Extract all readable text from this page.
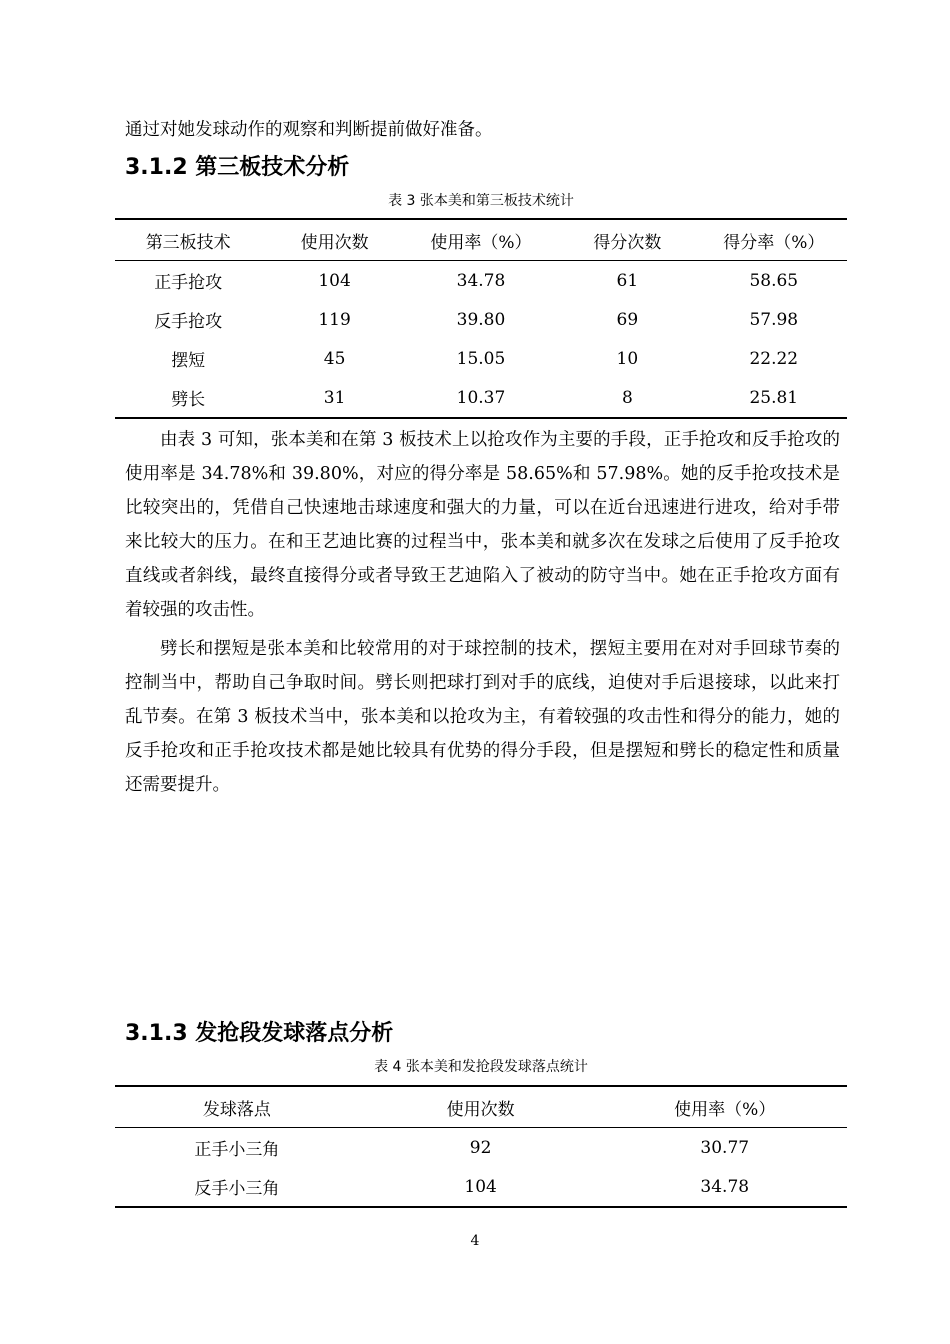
通过对她发球动作的观察和判断提前做好准备。
3.1.2 第三板技术分析
表 3 张本美和第三板技术统计
第三板技术	使用次数	使用率（%）	得分次数	得分率（%）
正手抢攻	104	34.78	61	58.65
反手抢攻	119	39.80	69	57.98
摆短	45	15.05	10	22.22
劈长	31	10.37	8	25.81

由表 3 可知，张本美和在第 3 板技术上以抢攻作为主要的手段，正手抢攻和反手抢攻的使用率是 34.78%和 39.80%，对应的得分率是 58.65%和 57.98%。她的反手抢攻技术是比较突出的，凭借自己快速地击球速度和强大的力量，可以在近台迅速进行进攻，给对手带来比较大的压力。在和王艺迪比赛的过程当中，张本美和就多次在发球之后使用了反手抢攻直线或者斜线，最终直接得分或者导致王艺迪陷入了被动的防守当中。她在正手抢攻方面有着较强的攻击性。

劈长和摆短是张本美和比较常用的对于球控制的技术，摆短主要用在对对手回球节奏的控制当中，帮助自己争取时间。劈长则把球打到对手的底线，迫使对手后退接球，以此来打乱节奏。在第 3 板技术当中，张本美和以抢攻为主，有着较强的攻击性和得分的能力，她的反手抢攻和正手抢攻技术都是她比较具有优势的得分手段，但是摆短和劈长的稳定性和质量还需要提升。

3.1.3 发抢段发球落点分析
表 4 张本美和发抢段发球落点统计
发球落点	使用次数	使用率（%）
正手小三角	92	30.77
反手小三角	104	34.78
4
